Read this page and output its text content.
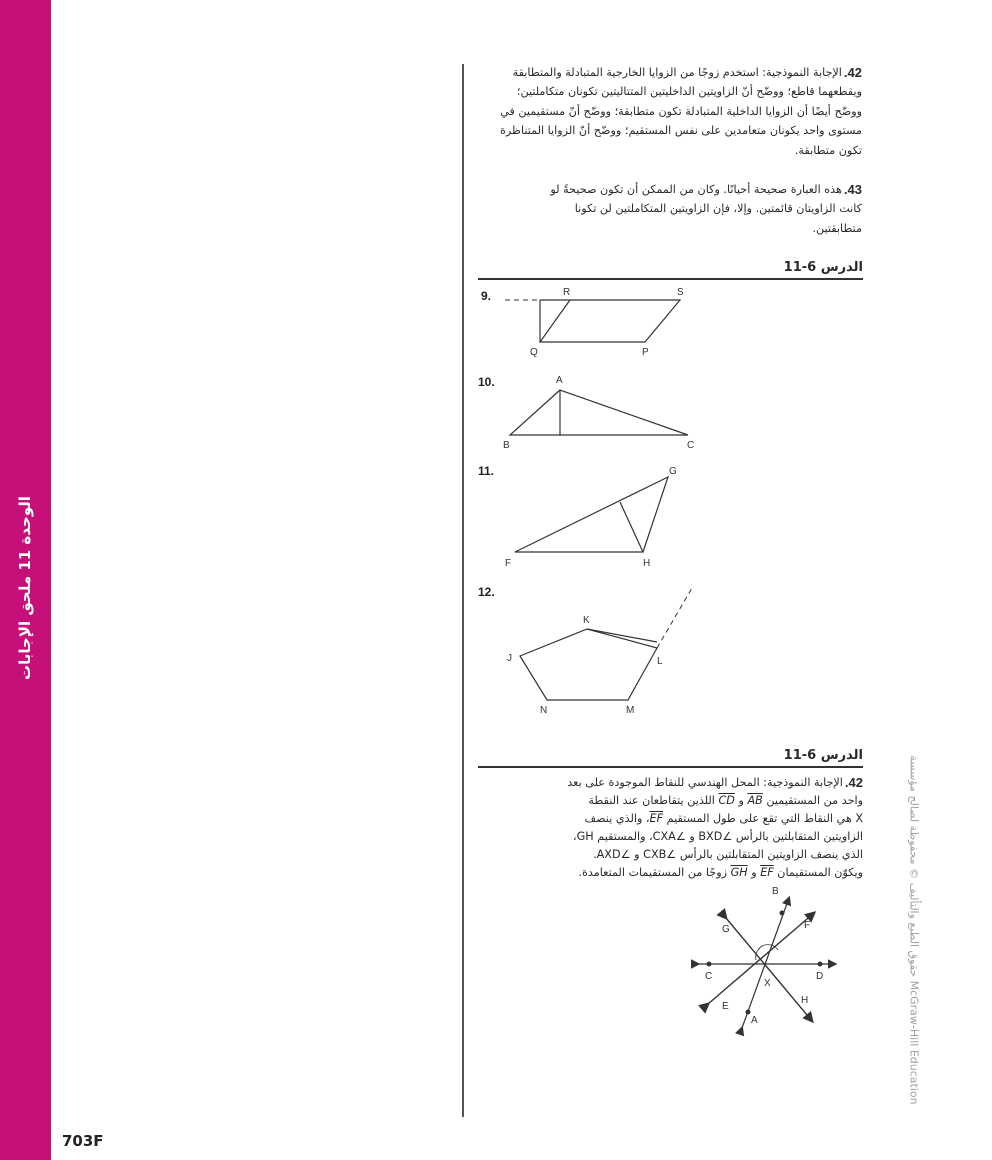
الوحدة 11 ملحق الإجابات
703F
حقوق الطبع والتأليف © محفوظة لصالح مؤسسة McGraw-Hill Education
42.
الإجابة النموذجية: استخدم زوجًا من الزوايا الخارجية المتبادلة والمتطابقة ويقطعهما قاطع؛ ووضّح أنّ الزاويتين الداخليتين المتتاليتين تكونان متكاملتين؛ ووضّح أيضًا أن الزوايا الداخلية المتبادلة تكون متطابقة؛ ووضّح أنّ مستقيمين في مستوى واحد يكونان متعامدين على نفس المستقيم؛ ووضّح أنّ الزوايا المتناظرة تكون متطابقة.
43.
هذه العبارة صحيحة أحيانًا. وكان من الممكن أن تكون صحيحةً لو كانت الزاويتان قائمتين. وإلا، فإن الزاويتين المتكاملتين لن تكونا متطابقتين.
الدرس 6-11
9.	R	S
Q	P
10.	A
B	C
11.	G
F	H
12.
K
J	L
N	M
الدرس 6-11
42.
الإجابة النموذجية: المحل الهندسي للنقاط الموجودة على بعد
واحد من المستقيمين AB و CD اللذين يتقاطعان عند النقطة
X هي النقاط التي تقع على طول المستقيم EF، والذي ينصف
الزاويتين المتقابلتين بالرأس ∠BXD و ∠CXA، والمستقيم GH،
الذي ينصف الزاويتين المتقابلتين بالرأس ∠CXB و ∠AXD.
ويكوّن المستقيمان EF و GH زوجًا من المستقيمات المتعامدة.
B
G	F
C	D
X
E
H
A
